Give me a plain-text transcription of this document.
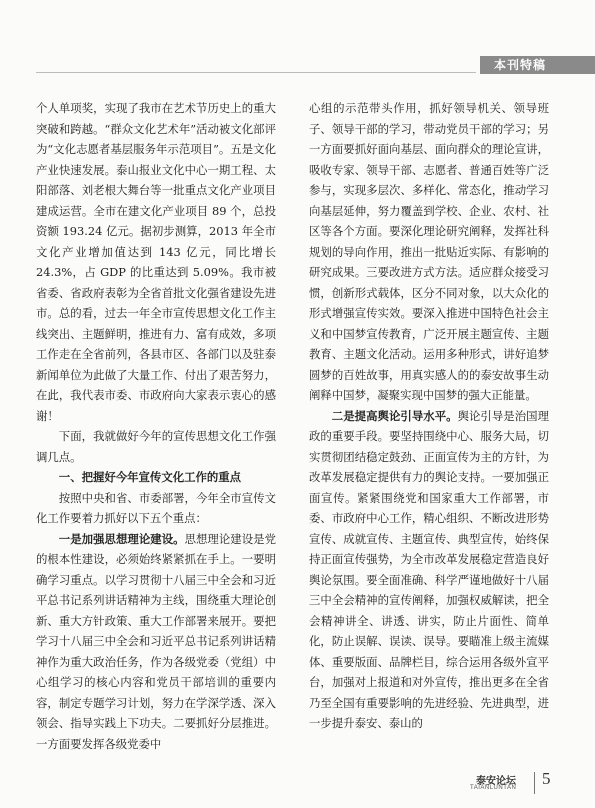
本刊特稿

个人单项奖，实现了我市在艺术节历史上的重大突破和跨越。“群众文化艺术年”活动被文化部评为“文化志愿者基层服务年示范项目”。五是文化产业快速发展。泰山报业文化中心一期工程、太阳部落、刘老根大舞台等一批重点文化产业项目建成运营。全市在建文化产业项目 89 个，总投资额 193.24 亿元。据初步测算，2013 年全市文化产业增加值达到 143 亿元，同比增长 24.3%，占 GDP 的比重达到 5.09%。我市被省委、省政府表彰为全省首批文化强省建设先进市。总的看，过去一年全市宣传思想文化工作主线突出、主题鲜明，推进有力、富有成效，多项工作走在全省前列，各县市区、各部门以及驻泰新闻单位为此做了大量工作、付出了艰苦努力，在此，我代表市委、市政府向大家表示衷心的感谢！

下面，我就做好今年的宣传思想文化工作强调几点。

一、把握好今年宣传文化工作的重点

按照中央和省、市委部署，今年全市宣传文化工作要着力抓好以下五个重点：

一是加强思想理论建设。思想理论建设是党的根本性建设，必须始终紧紧抓在手上。一要明确学习重点。以学习贯彻十八届三中全会和习近平总书记系列讲话精神为主线，围绕重大理论创新、重大方针政策、重大工作部署来展开。要把学习十八届三中全会和习近平总书记系列讲话精神作为重大政治任务，作为各级党委（党组）中心组学习的核心内容和党员干部培训的重要内容，制定专题学习计划，努力在学深学透、深入领会、指导实践上下功夫。二要抓好分层推进。一方面要发挥各级党委中

心组的示范带头作用，抓好领导机关、领导班子、领导干部的学习，带动党员干部的学习；另一方面要抓好面向基层、面向群众的理论宣讲，吸收专家、领导干部、志愿者、普通百姓等广泛参与，实现多层次、多样化、常态化，推动学习向基层延伸，努力覆盖到学校、企业、农村、社区等各个方面。要深化理论研究阐释，发挥社科规划的导向作用，推出一批贴近实际、有影响的研究成果。三要改进方式方法。适应群众接受习惯，创新形式载体，区分不同对象，以大众化的形式增强宣传实效。要深入推进中国特色社会主义和中国梦宣传教育，广泛开展主题宣传、主题教育、主题文化活动。运用多种形式，讲好追梦圆梦的百姓故事，用真实感人的的泰安故事生动阐释中国梦，凝聚实现中国梦的强大正能量。

二是提高舆论引导水平。舆论引导是治国理政的重要手段。要坚持围绕中心、服务大局，切实贯彻团结稳定鼓劲、正面宣传为主的方针，为改革发展稳定提供有力的舆论支持。一要加强正面宣传。紧紧围绕党和国家重大工作部署，市委、市政府中心工作，精心组织、不断改进形势宣传、成就宣传、主题宣传、典型宣传，始终保持正面宣传强势，为全市改革发展稳定营造良好舆论氛围。要全面准确、科学严谨地做好十八届三中全会精神的宣传阐释，加强权威解读，把全会精神讲全、讲透、讲实，防止片面性、简单化，防止误解、误读、误导。要瞄准上级主流媒体、重要版面、品牌栏目，综合运用各级外宣平台，加强对上报道和对外宣传，推出更多在全省乃至全国有重要影响的先进经验、先进典型，进一步提升泰安、泰山的

泰安论坛
TAIANLUNTAN 5
